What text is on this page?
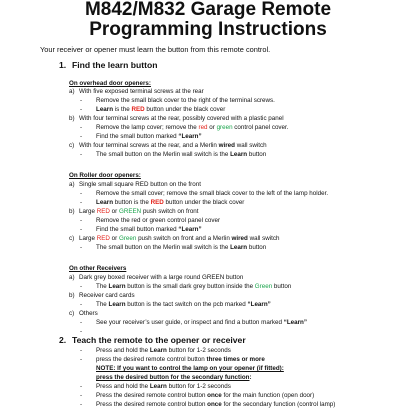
M842/M832 Garage Remote
Programming Instructions
Your receiver or opener must learn the button from this remote control.
1. Find the learn button
On overhead door openers:
a) With five exposed terminal screws at the rear
- Remove the small black cover to the right of the terminal screws.
- Learn is the RED button under the black cover
b) With four terminal screws at the rear, possibly covered with a plastic panel
- Remove the lamp cover; remove the red or green control panel cover.
- Find the small button marked “Learn”
c) With four terminal screws at the rear, and a Merlin wired wall switch
- The small button on the Merlin wall switch is the Learn button
On Roller door openers:
a) Single small square RED button on the front
- Remove the small cover; remove the small black cover to the left of the lamp holder.
- Learn button is the RED button under the black cover
b) Large RED or GREEN push switch on front
- Remove the red or green control panel cover
- Find the small button marked “Learn”
c) Large RED or Green push switch on front and a Merlin wired wall switch
- The small button on the Merlin wall switch is the Learn button
On other Receivers
a) Dark grey boxed receiver with a large round GREEN button
- The Learn button is the small dark grey button inside the Green button
b) Receiver card cards
- The Learn button is the tact switch on the pcb marked “Learn”
c) Others
- See your receiver’s user guide, or inspect and find a button marked “Learn”
-
2. Teach the remote to the opener or receiver
- Press and hold the Learn button for 1-2 seconds
- press the desired remote control button three times or more
NOTE: If you want to control the lamp on your opener (if fitted):
press the desired button for the secondary function:
- Press and hold the Learn button for 1-2 seconds
- Press the desired remote control button once for the main function (open door)
- Press the desired remote control button once for the secondary function (control lamp)
